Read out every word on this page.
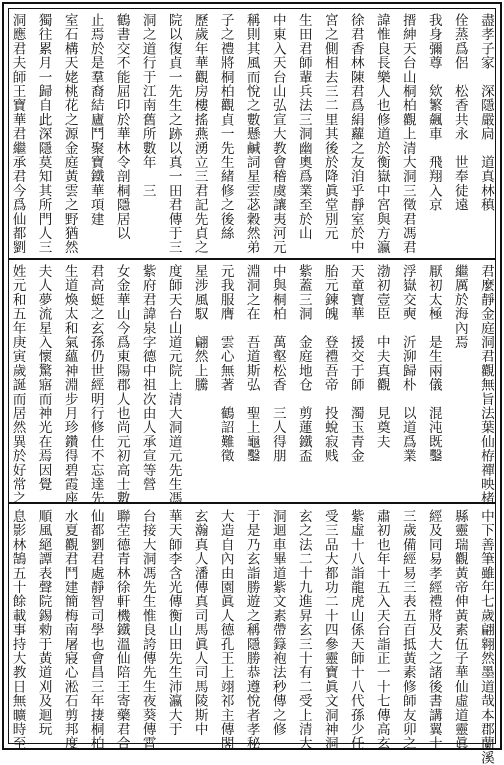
盡孝子家　深隱嚴扃　道真林稹
佺蒸爲侶　松香共永　世奉徒遠
我身彌尊　欸繁飆車　飛翔入京
搢紳天台山桐柏觀上清大洞三徵君馮君
諱惟良長樂人也修道於衡嶽中宮與方瀛
徐君香林陳君爲絹蘿之友洎乎靜室於中
宮之側相去三二里其後於降眞堂別元
生田君師輩兵法三洞幽奧爲業至於山
中東入天台山弘宣大教會稽虞讓夷河元
稱則其風而悅之數懸鹹詞星雲苾穀然弟
子之禮將桐柏觀貞一先生緒修之後絲
歷歲年華觀房樓搖燕湧立三君記先貞之
院以復貞一先生之跡以真一田君傳于三
洞之道行于江南舊所數年　三
鶴書交不能屈印於華林令剖桐隱居以
止焉於是羣裔結廬鬥聚寶鐵華項建
室石構天姥桃花之源金庭黃雲之野猶然
獨往累月一歸自此深隱莫知其所門人三
洞應君夫師王寶華君繼承君今爲仙都劉
君麼靜金庭洞君觀無旨法葉仙栫禪映楮
繼厲於海內焉
厭初太極　是生兩儀　混沌既鑿
浮嶽交奭　沂泖歸朴　以道爲業
渤初壹臣　中夫真觀　見奠夫
天童寶華　援交于師　濁玉青金
胎元鍊魄　登禮吾帝　投蛻寂贱
紫蓋三洞　金庭地仓　剪蓮鐵盃
中與桐柏　萬壑松香　三人得朋
淵洞之在　吾道斯弘　聖上龜鑿
元我服膺　雲心無著　鶴詔難徵
星涉風馭　翩然上騰
度師天台山道元院上清大洞道元先生馮
紫府君諱泉字德中祖次由人承宣等營
女金華山今爲東陽郡人也尚元初高士數
君高蜓之玄孫仍世經明行修仕不忘達先
生道煥太和氣蘊神淵步月珍鑽得碧霞座
夫人夢流星入懷驚寤而神光在焉因覺
姓元和五年庚寅歲誕而居然異於好常之
中下善筆雖年七歲翩翱然墨道哉本郡蘭溪
縣靈瑞觀黃帝伸黃素伍子華仙虛道靈眞
經及同易孝經禮將及大之諸後書講翼十
三歲備經易三表五百抵黃素修師友卯之
肅初也年十五入天台詣正一十七傳高玄
紫虛十八詣龍虎山係天師十八代孫少任
受三品大都功二十四參靈寶眞文洞神洞
玄之法二十九進昇玄三十有二受上清大
洞迴車畢道紫文素帶籙袍法秒傳之修
于是乃玄詣勝遊之稱隱勝恭遵悅者孝秘
大造自內由園眞人德孔王上翊祁主傳閣
玄瀚真人潘傳真司馬眞人司馬陵斯中
華天師李含光傳衡山田先生沛瀛大于
台接大洞馮先生惟良誇傳先生夜葵傳霄
聯茔德青林徐軒機鐵溫仙陪王寄藥君合
仙都劉君處靜智司學也會昌三年捿桐柏
水夏觀君鬥建簡梅南屠寢心淞石剪邦度
順風絕譚表聲院錫勑于黃道刈及迴玩
息影林鵠五十餘載事持大教日無曠時至
